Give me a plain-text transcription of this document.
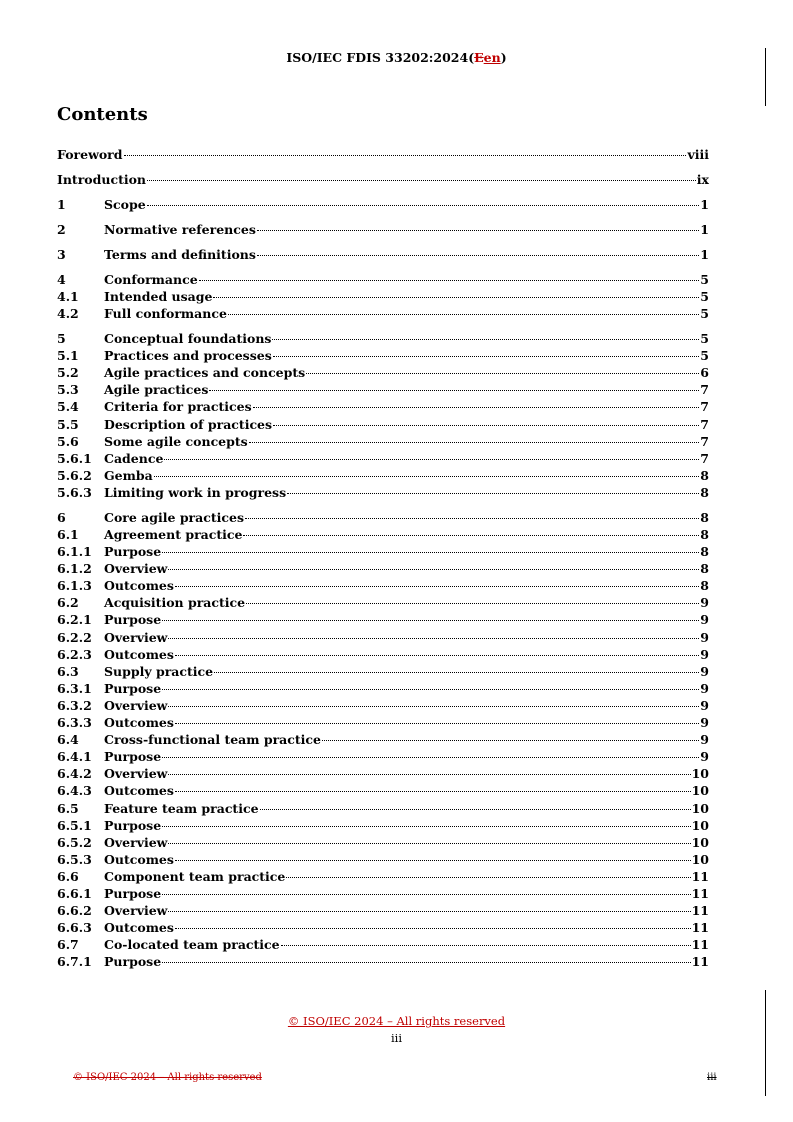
ISO/IEC FDIS 33202:2024(Een)
Contents
Foreword	viii
Introduction	ix
1	Scope	1
2	Normative references	1
3	Terms and definitions	1
4	Conformance	5
4.1	Intended usage	5
4.2	Full conformance	5
5	Conceptual foundations	5
5.1	Practices and processes	5
5.2	Agile practices and concepts	6
5.3	Agile practices	7
5.4	Criteria for practices	7
5.5	Description of practices	7
5.6	Some agile concepts	7
5.6.1 Cadence	7
5.6.2 Gemba	8
5.6.3 Limiting work in progress	8
6	Core agile practices	8
6.1	Agreement practice	8
6.1.1 Purpose	8
6.1.2 Overview	8
6.1.3 Outcomes	8
6.2	Acquisition practice	9
6.2.1 Purpose	9
6.2.2 Overview	9
6.2.3 Outcomes	9
6.3	Supply practice	9
6.3.1 Purpose	9
6.3.2 Overview	9
6.3.3 Outcomes	9
6.4	Cross-functional team practice	9
6.4.1 Purpose	9
6.4.2 Overview	10
6.4.3 Outcomes	10
6.5	Feature team practice	10
6.5.1 Purpose	10
6.5.2 Overview	10
6.5.3 Outcomes	10
6.6	Component team practice	11
6.6.1 Purpose	11
6.6.2 Overview	11
6.6.3 Outcomes	11
6.7	Co-located team practice	11
6.7.1 Purpose	11
© ISO/IEC 2024 – All rights reserved
iii
© ISO/IEC 2024 – All rights reserved	iii
